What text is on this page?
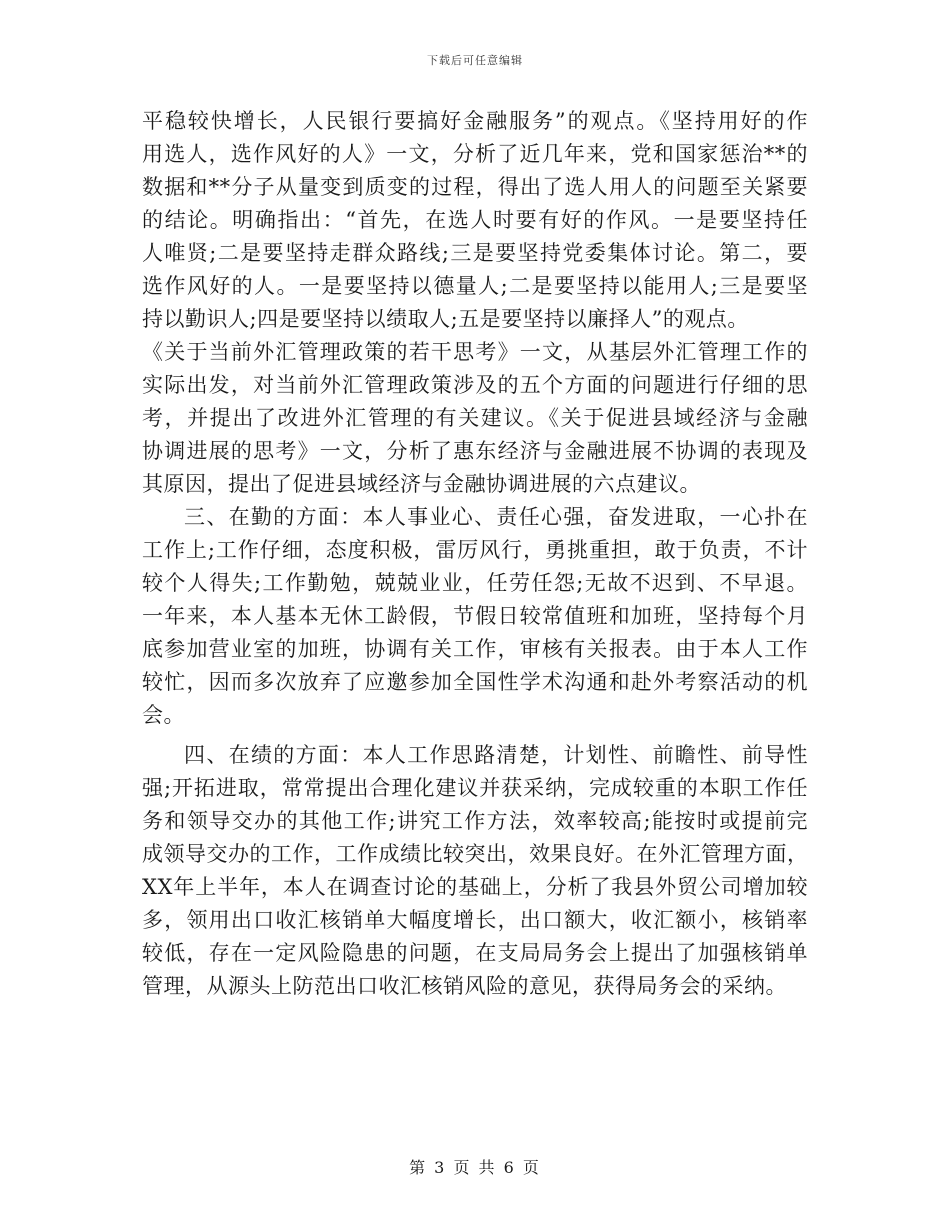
下载后可任意编辑
平稳较快增长，人民银行要搞好金融服务”的观点。《坚持用好的作
用选人，选作风好的人》一文，分析了近几年来，党和国家惩治**的
数据和**分子从量变到质变的过程，得出了选人用人的问题至关紧要
的结论。明确指出：“首先，在选人时要有好的作风。一是要坚持任
人唯贤;二是要坚持走群众路线;三是要坚持党委集体讨论。第二，要
选作风好的人。一是要坚持以德量人;二是要坚持以能用人;三是要坚
持以勤识人;四是要坚持以绩取人;五是要坚持以廉择人”的观点。
《关于当前外汇管理政策的若干思考》一文，从基层外汇管理工作的
实际出发，对当前外汇管理政策涉及的五个方面的问题进行仔细的思
考，并提出了改进外汇管理的有关建议。《关于促进县域经济与金融
协调进展的思考》一文，分析了惠东经济与金融进展不协调的表现及
其原因，提出了促进县域经济与金融协调进展的六点建议。
三、在勤的方面：本人事业心、责任心强，奋发进取，一心扑在
工作上;工作仔细，态度积极，雷厉风行，勇挑重担，敢于负责，不计
较个人得失;工作勤勉，兢兢业业，任劳任怨;无故不迟到、不早退。
一年来，本人基本无休工龄假，节假日较常值班和加班，坚持每个月
底参加营业室的加班，协调有关工作，审核有关报表。由于本人工作
较忙，因而多次放弃了应邀参加全国性学术沟通和赴外考察活动的机
会。
四、在绩的方面：本人工作思路清楚，计划性、前瞻性、前导性
强;开拓进取，常常提出合理化建议并获采纳，完成较重的本职工作任
务和领导交办的其他工作;讲究工作方法，效率较高;能按时或提前完
成领导交办的工作，工作成绩比较突出，效果良好。在外汇管理方面，
XX年上半年，本人在调查讨论的基础上，分析了我县外贸公司增加较
多，领用出口收汇核销单大幅度增长，出口额大，收汇额小，核销率
较低，存在一定风险隐患的问题，在支局局务会上提出了加强核销单
管理，从源头上防范出口收汇核销风险的意见，获得局务会的采纳。
第 3 页 共 6 页
